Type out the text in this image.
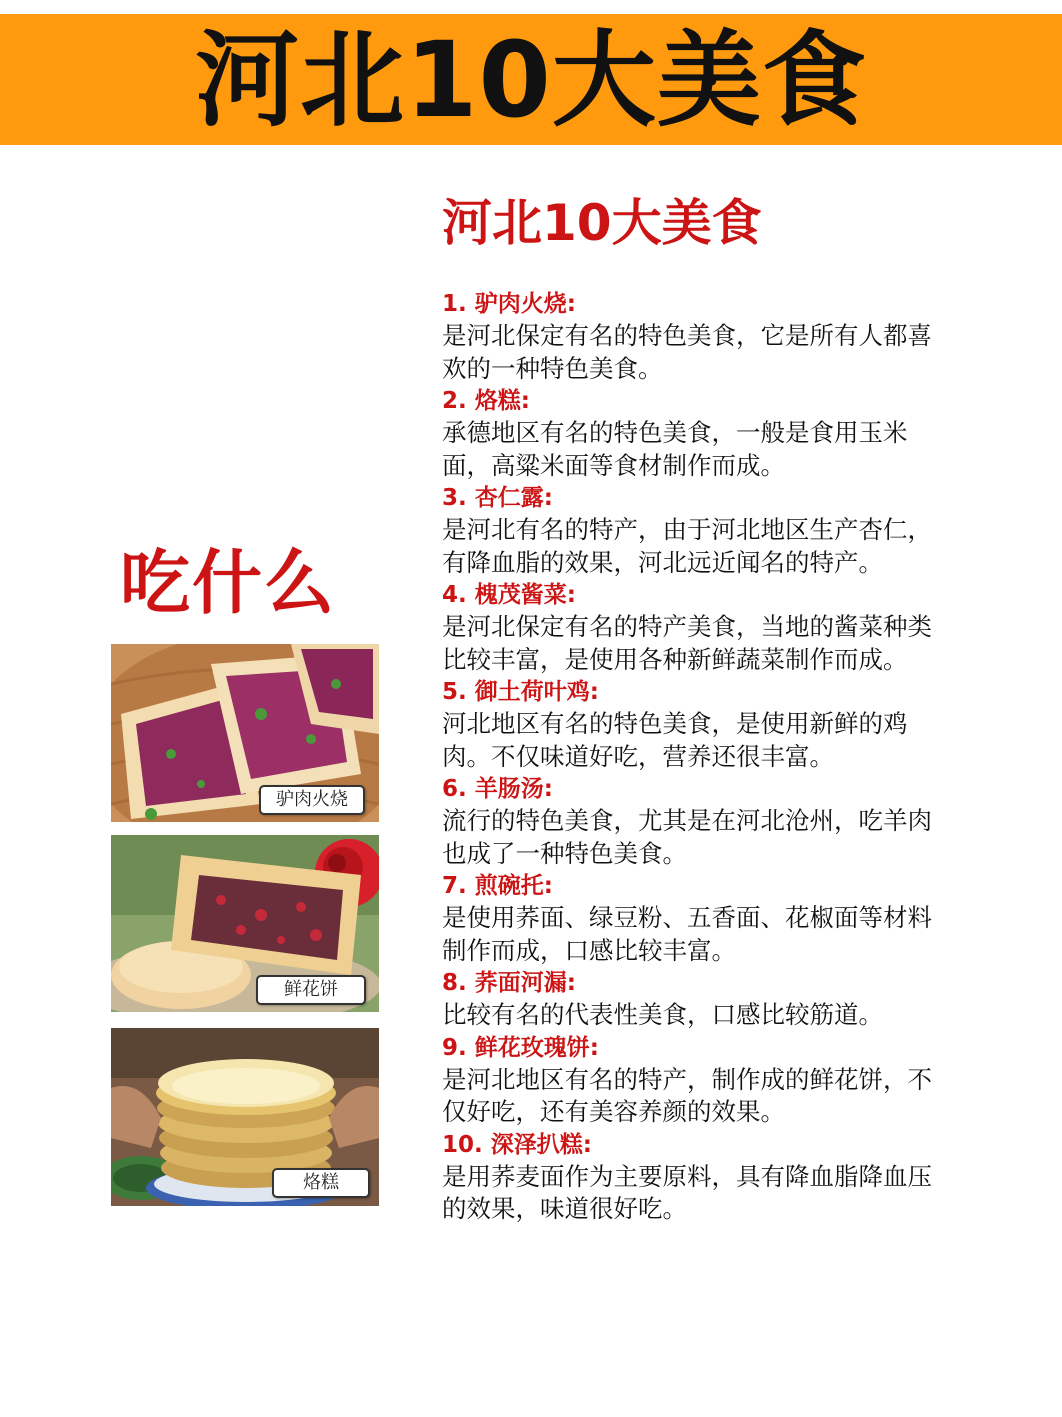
河北10大美食
吃什么
驴肉火烧
鲜花饼
烙糕
河北10大美食

1. 驴肉火烧:

是河北保定有名的特色美食，它是所有人都喜欢的一种特色美食。

2. 烙糕:

承德地区有名的特色美食，一般是食用玉米面，高粱米面等食材制作而成。

3. 杏仁露:

是河北有名的特产，由于河北地区生产杏仁，有降血脂的效果，河北远近闻名的特产。

4. 槐茂酱菜:

是河北保定有名的特产美食，当地的酱菜种类比较丰富，是使用各种新鲜蔬菜制作而成。

5. 御土荷叶鸡:

河北地区有名的特色美食，是使用新鲜的鸡肉。不仅味道好吃，营养还很丰富。

6. 羊肠汤:

流行的特色美食，尤其是在河北沧州，吃羊肉也成了一种特色美食。

7. 煎碗托:

是使用荞面、绿豆粉、五香面、花椒面等材料制作而成，口感比较丰富。

8. 荞面河漏:

比较有名的代表性美食，口感比较筋道。

9. 鲜花玫瑰饼:

是河北地区有名的特产，制作成的鲜花饼，不仅好吃，还有美容养颜的效果。

10. 深泽扒糕:

是用荞麦面作为主要原料，具有降血脂降血压的效果，味道很好吃。
